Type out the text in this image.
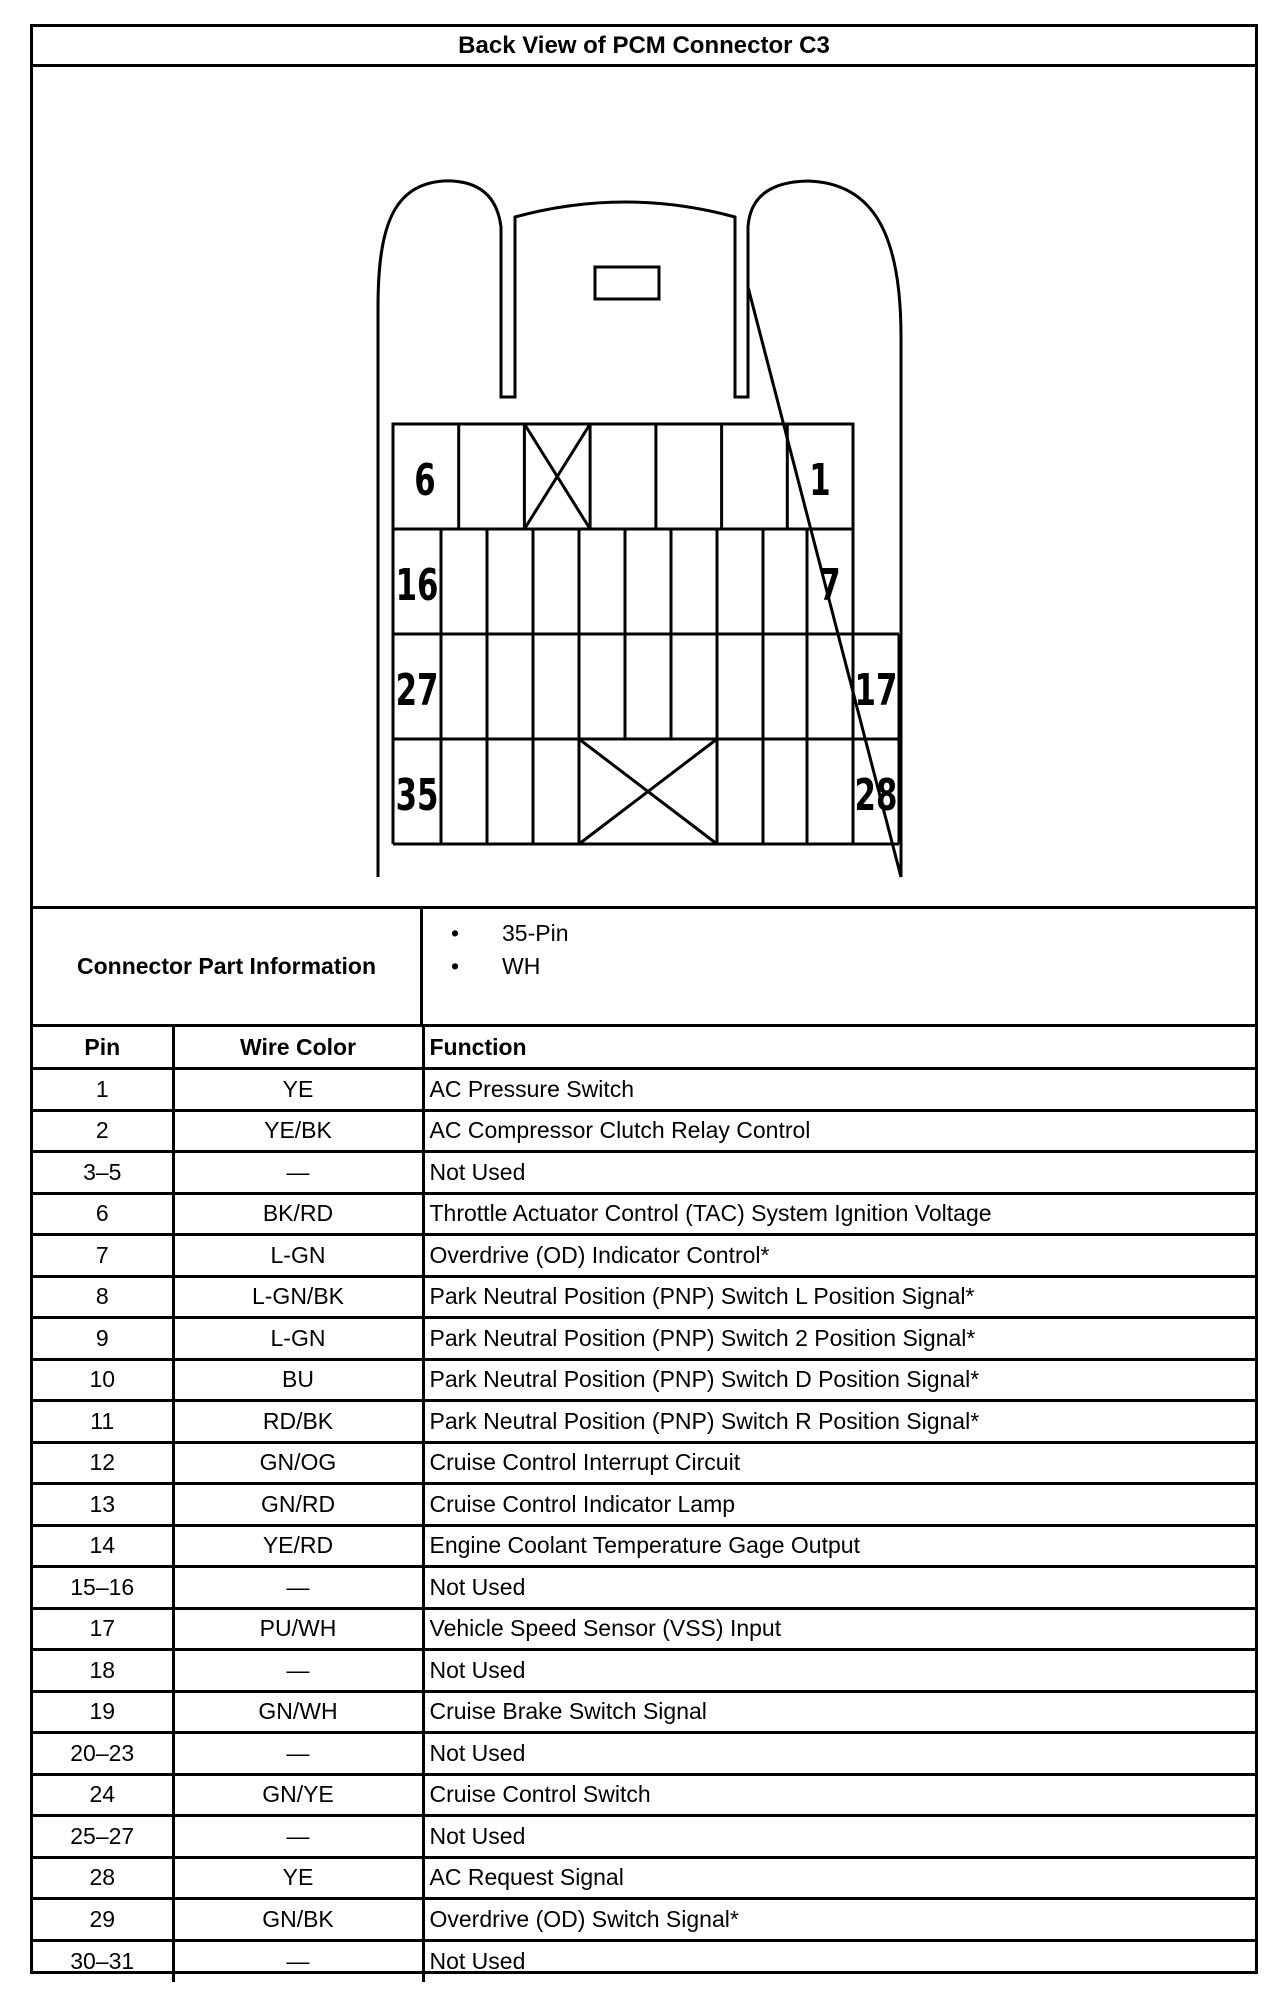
Back View of PCM Connector C3
6	1
16	7
27	17
35	28
Connector Part Information
• 35-Pin
• WH
Pin	Wire Color	Function
1	YE	AC Pressure Switch
2	YE/BK	AC Compressor Clutch Relay Control
3–5	—	Not Used
6	BK/RD	Throttle Actuator Control (TAC) System Ignition Voltage
7	L-GN	Overdrive (OD) Indicator Control*
8	L-GN/BK	Park Neutral Position (PNP) Switch L Position Signal*
9	L-GN	Park Neutral Position (PNP) Switch 2 Position Signal*
10	BU	Park Neutral Position (PNP) Switch D Position Signal*
11	RD/BK	Park Neutral Position (PNP) Switch R Position Signal*
12	GN/OG	Cruise Control Interrupt Circuit
13	GN/RD	Cruise Control Indicator Lamp
14	YE/RD	Engine Coolant Temperature Gage Output
15–16	—	Not Used
17	PU/WH	Vehicle Speed Sensor (VSS) Input
18	—	Not Used
19	GN/WH	Cruise Brake Switch Signal
20–23	—	Not Used
24	GN/YE	Cruise Control Switch
25–27	—	Not Used
28	YE	AC Request Signal
29	GN/BK	Overdrive (OD) Switch Signal*
30–31	—	Not Used
